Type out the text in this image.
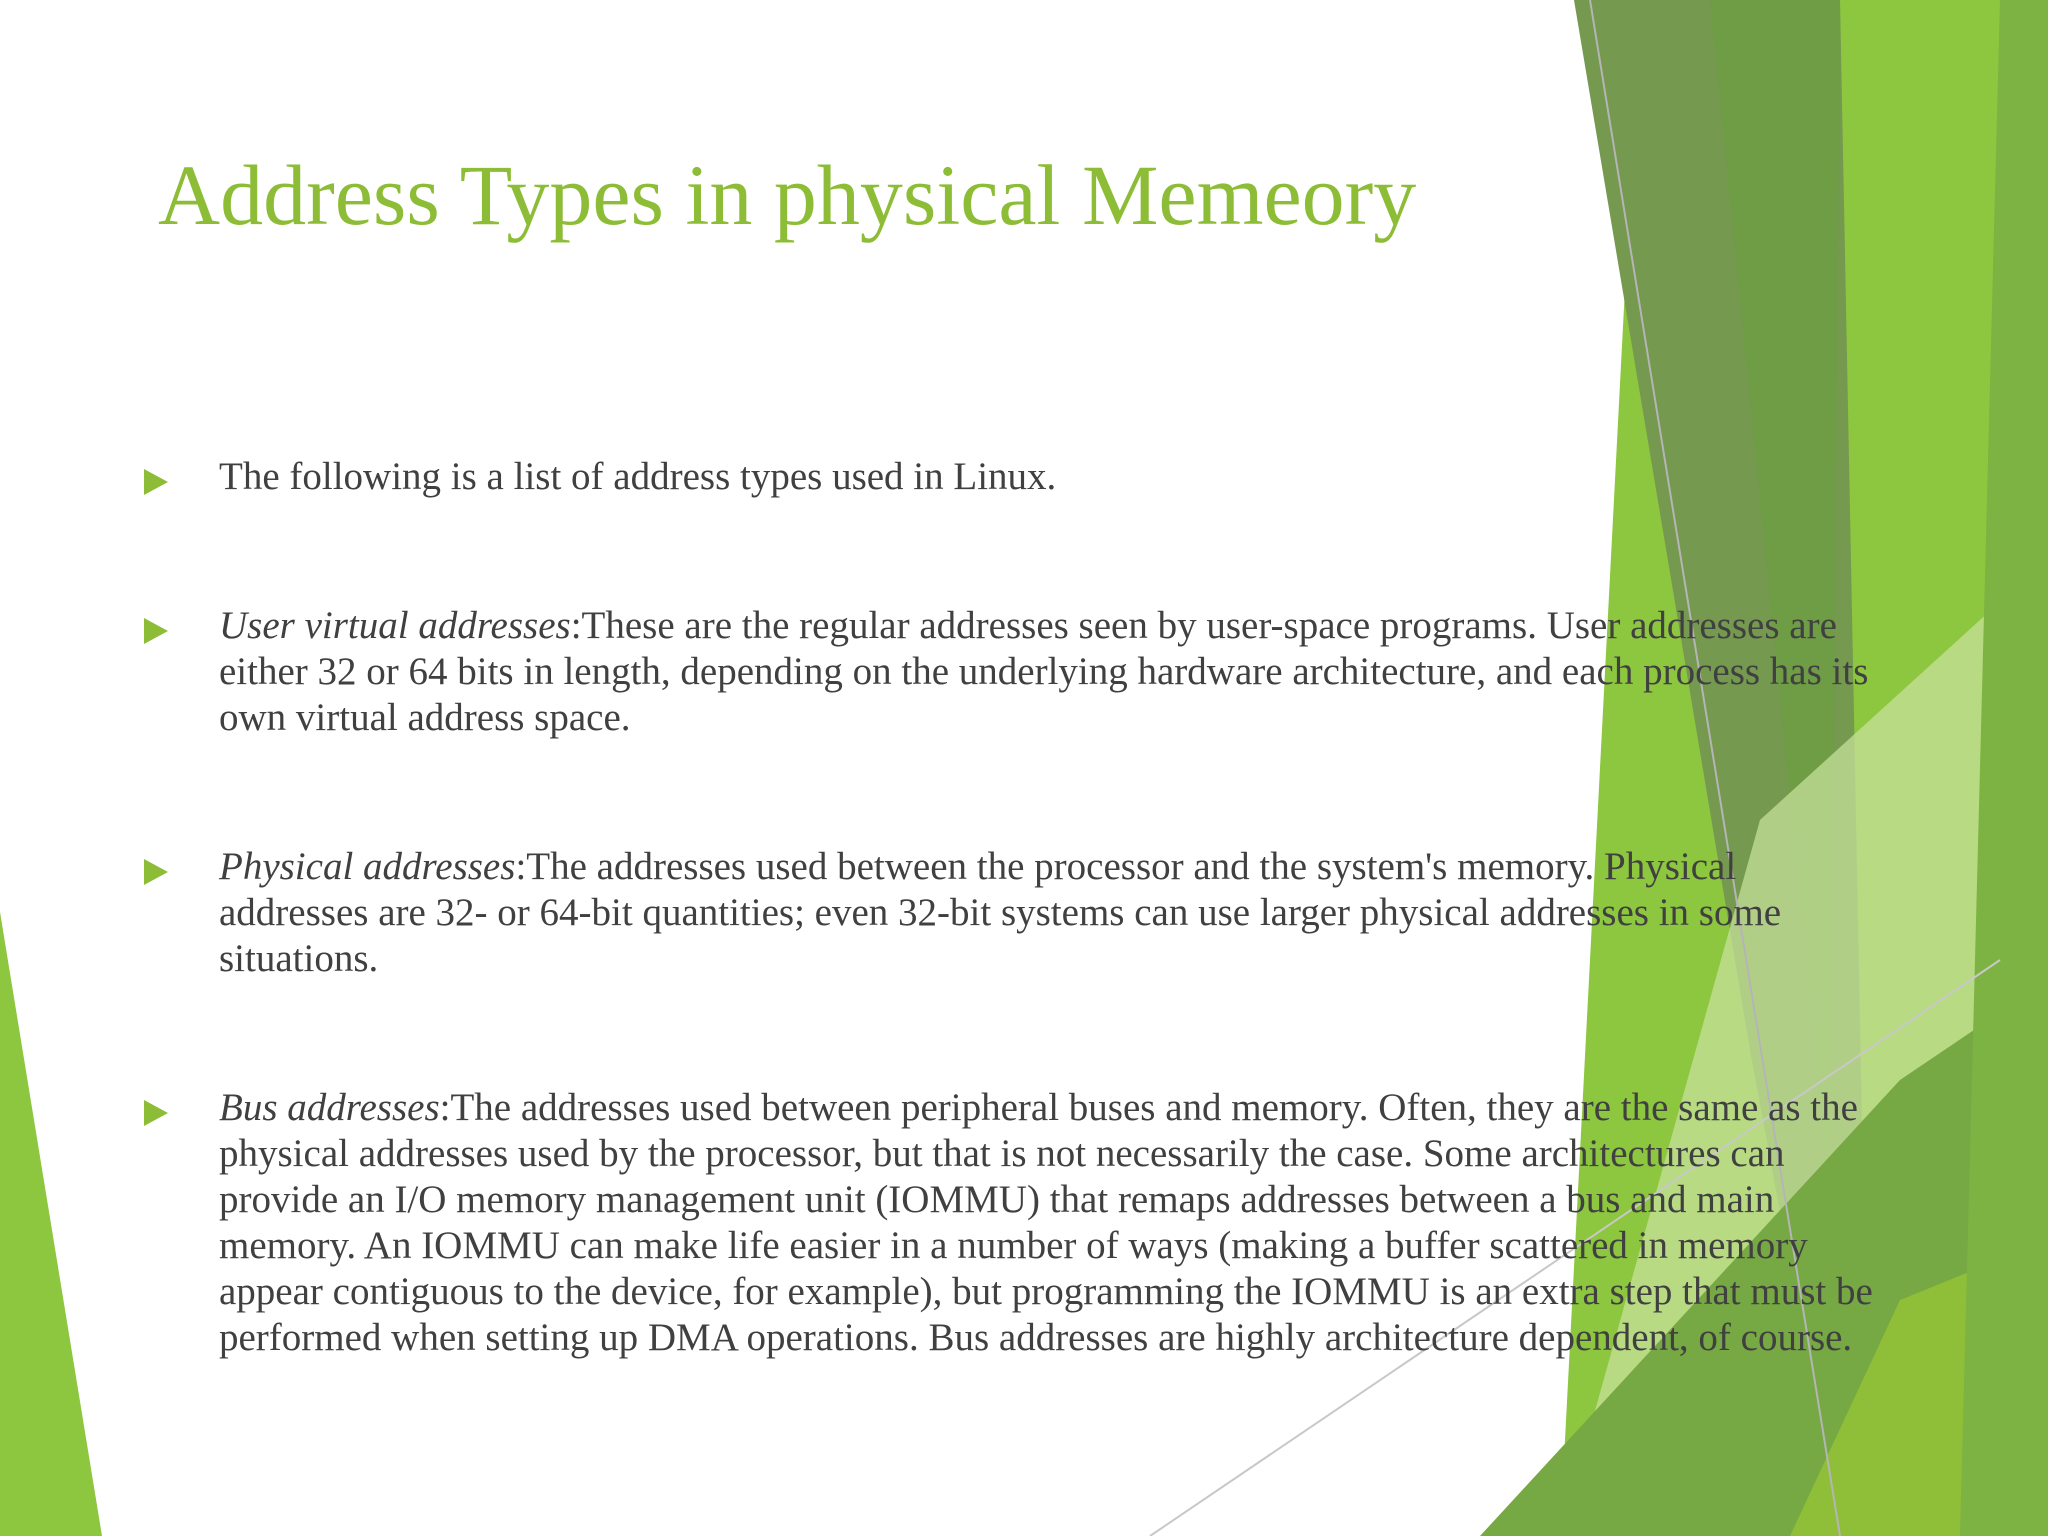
Address Types in physical Memeory
The following is a list of address types used in Linux.
User virtual addresses:These are the regular addresses seen by user-space programs. User addresses are either 32 or 64 bits in length, depending on the underlying hardware architecture, and each process has its own virtual address space.
Physical addresses:The addresses used between the processor and the system's memory. Physical addresses are 32- or 64-bit quantities; even 32-bit systems can use larger physical addresses in some situations.
Bus addresses:The addresses used between peripheral buses and memory. Often, they are the same as the physical addresses used by the processor, but that is not necessarily the case. Some architectures can provide an I/O memory management unit (IOMMU) that remaps addresses between a bus and main memory. An IOMMU can make life easier in a number of ways (making a buffer scattered in memory appear contiguous to the device, for example), but programming the IOMMU is an extra step that must be performed when setting up DMA operations. Bus addresses are highly architecture dependent, of course.
